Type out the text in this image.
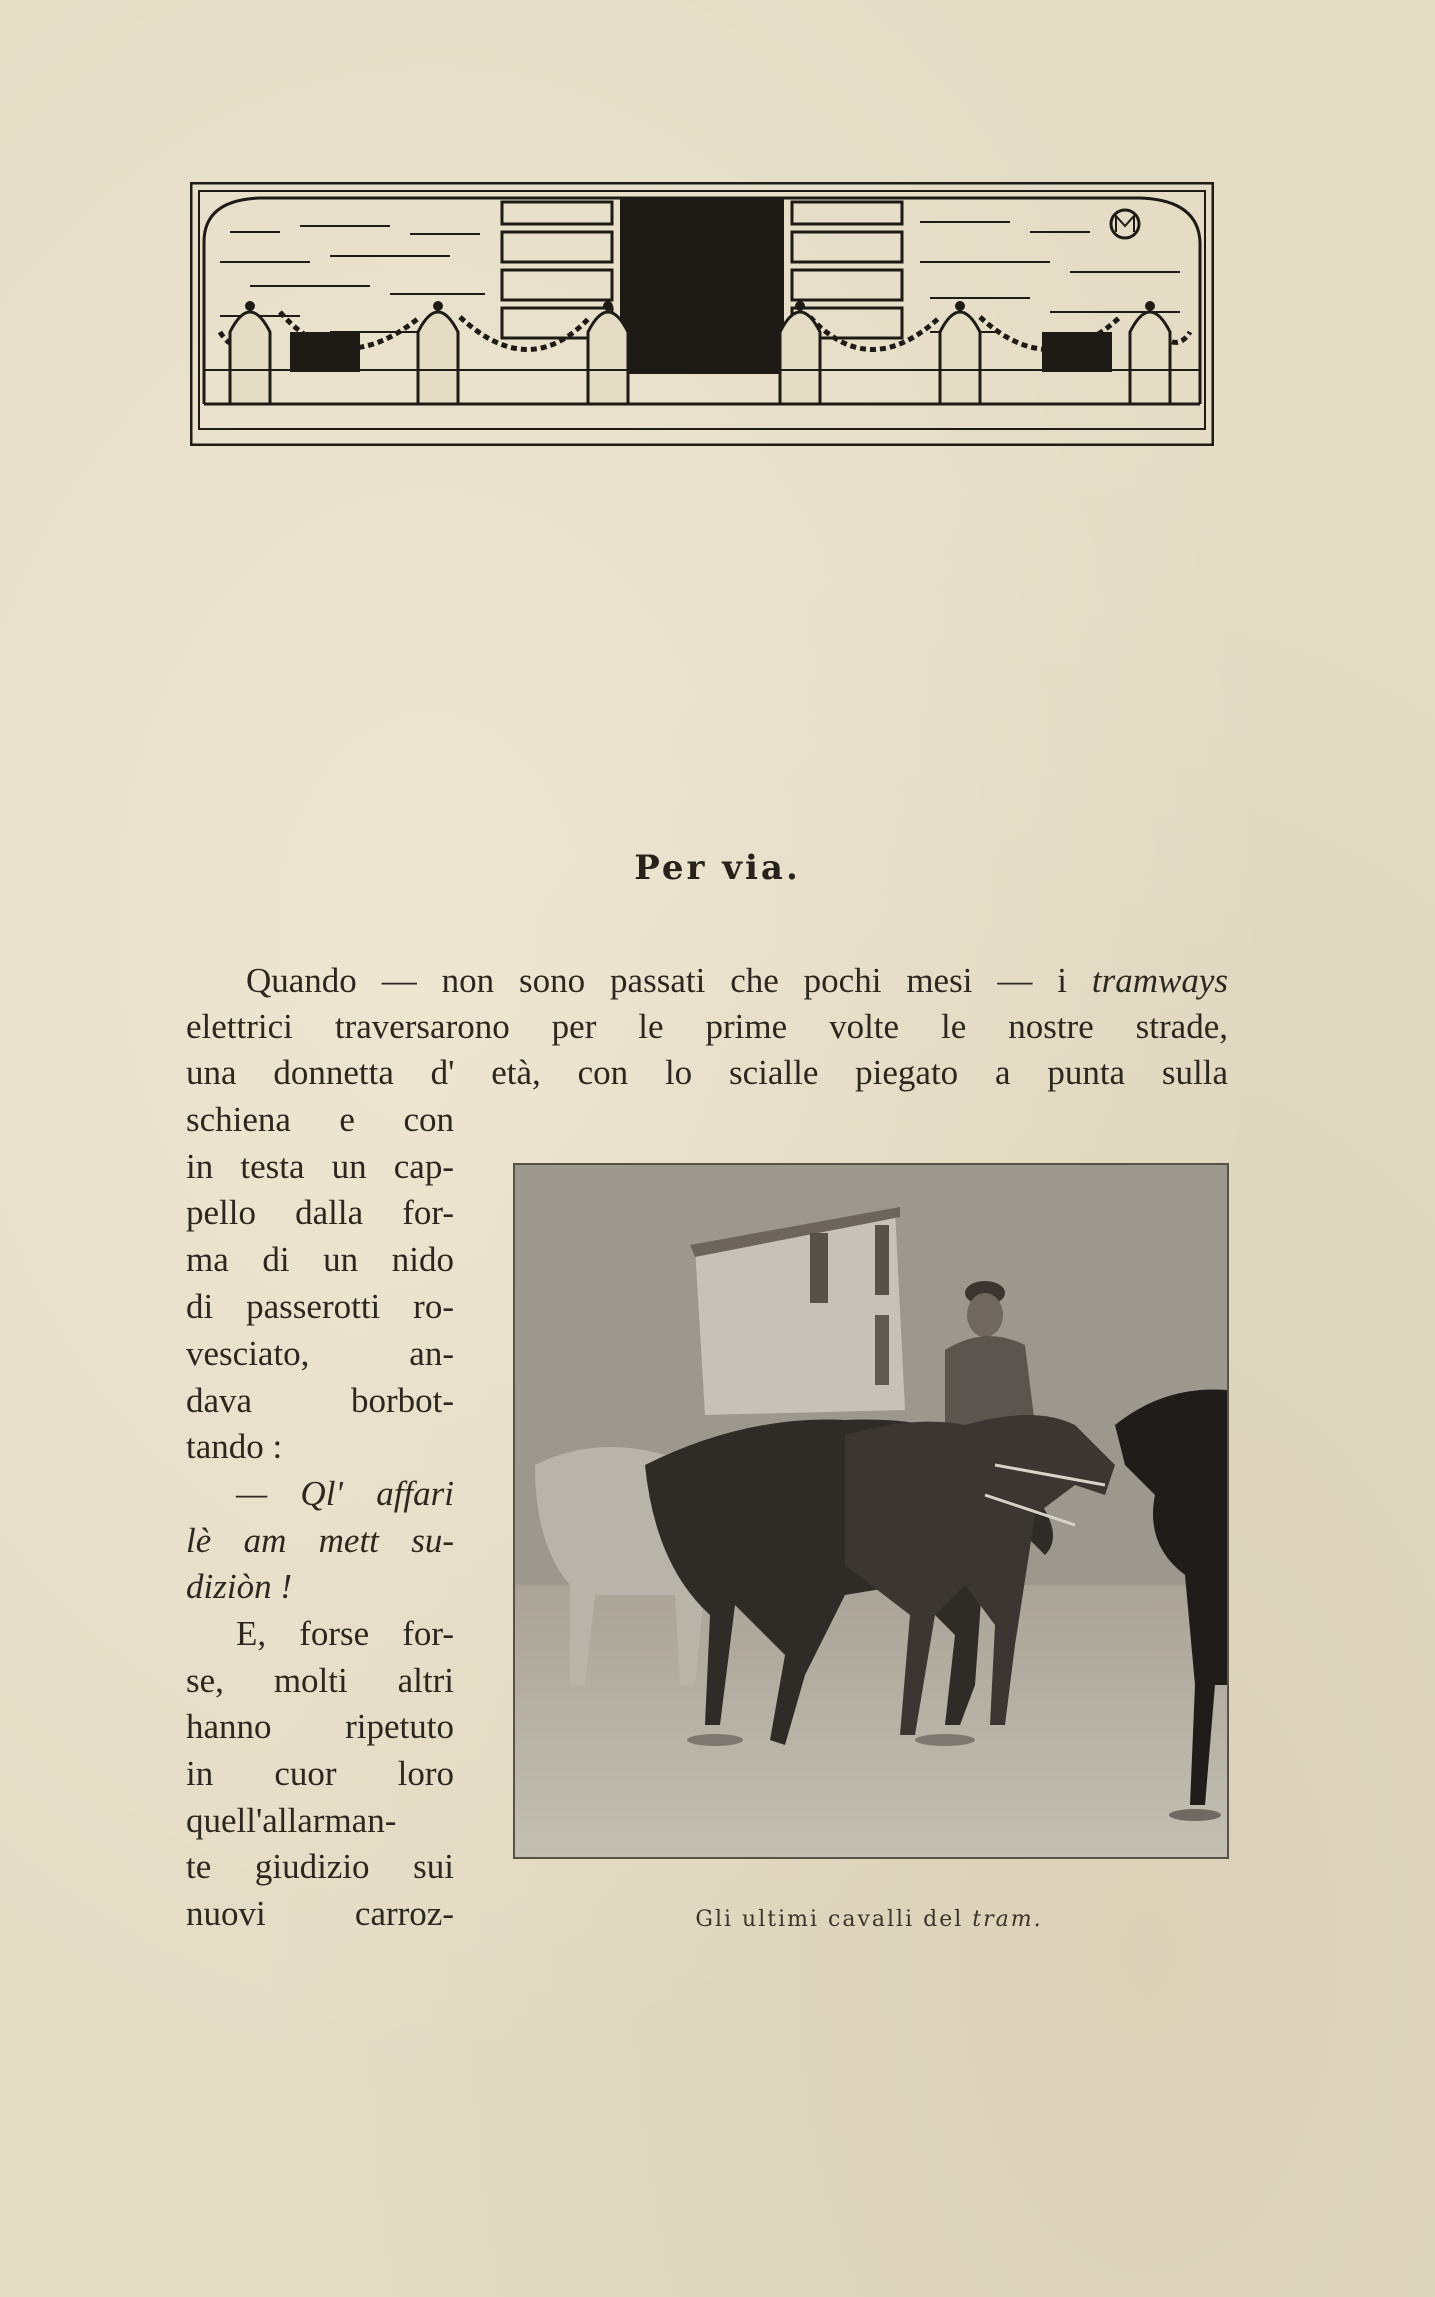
Per via.
Quando — non sono passati che pochi mesi — i tramways
elettrici traversarono per le prime volte le nostre strade,
una donnetta d' età, con lo scialle piegato a punta sulla
schiena e con
in testa un cap-
pello dalla for-
ma di un nido
di passerotti ro-
vesciato, an-
dava borbot-
tando :
— Ql' affari
lè am mett su-
diziòn !
E, forse for-
se, molti altri
hanno ripetuto
in cuor loro
quell'allarman-
te giudizio sui
nuovi carroz-	Gli ultimi cavalli del tram.
